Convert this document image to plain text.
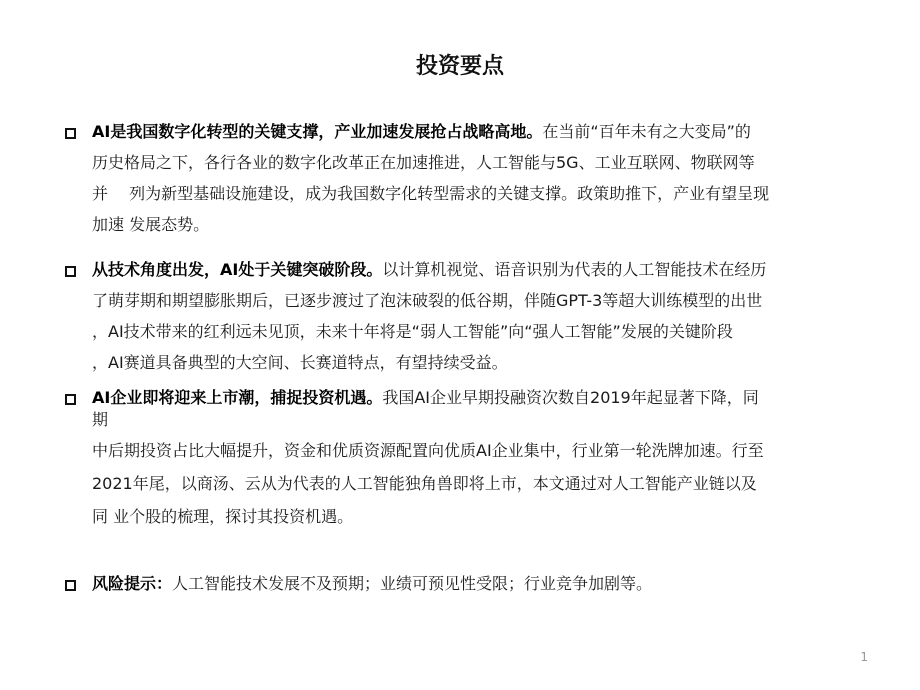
投资要点
AI是我国数字化转型的关键支撑，产业加速发展抢占战略高地。在当前“百年未有之大变局”的
历史格局之下，各行各业的数字化改革正在加速推进，人工智能与5G、工业互联网、物联网等
并　 列为新型基础设施建设，成为我国数字化转型需求的关键支撑。政策助推下，产业有望呈现
加速 发展态势。
从技术角度出发，AI处于关键突破阶段。以计算机视觉、语音识别为代表的人工智能技术在经历
了萌芽期和期望膨胀期后，已逐步渡过了泡沫破裂的低谷期，伴随GPT-3等超大训练模型的出世
，AI技术带来的红利远未见顶，未来十年将是“弱人工智能”向“强人工智能”发展的关键阶段
，AI赛道具备典型的大空间、长赛道特点，有望持续受益。
AI企业即将迎来上市潮，捕捉投资机遇。我国AI企业早期投融资次数自2019年起显著下降，同
期
中后期投资占比大幅提升，资金和优质资源配置向优质AI企业集中，行业第一轮洗牌加速。行至
2021年尾，以商汤、云从为代表的人工智能独角兽即将上市，本文通过对人工智能产业链以及
同 业个股的梳理，探讨其投资机遇。
风险提示：人工智能技术发展不及预期；业绩可预见性受限；行业竞争加剧等。
1
